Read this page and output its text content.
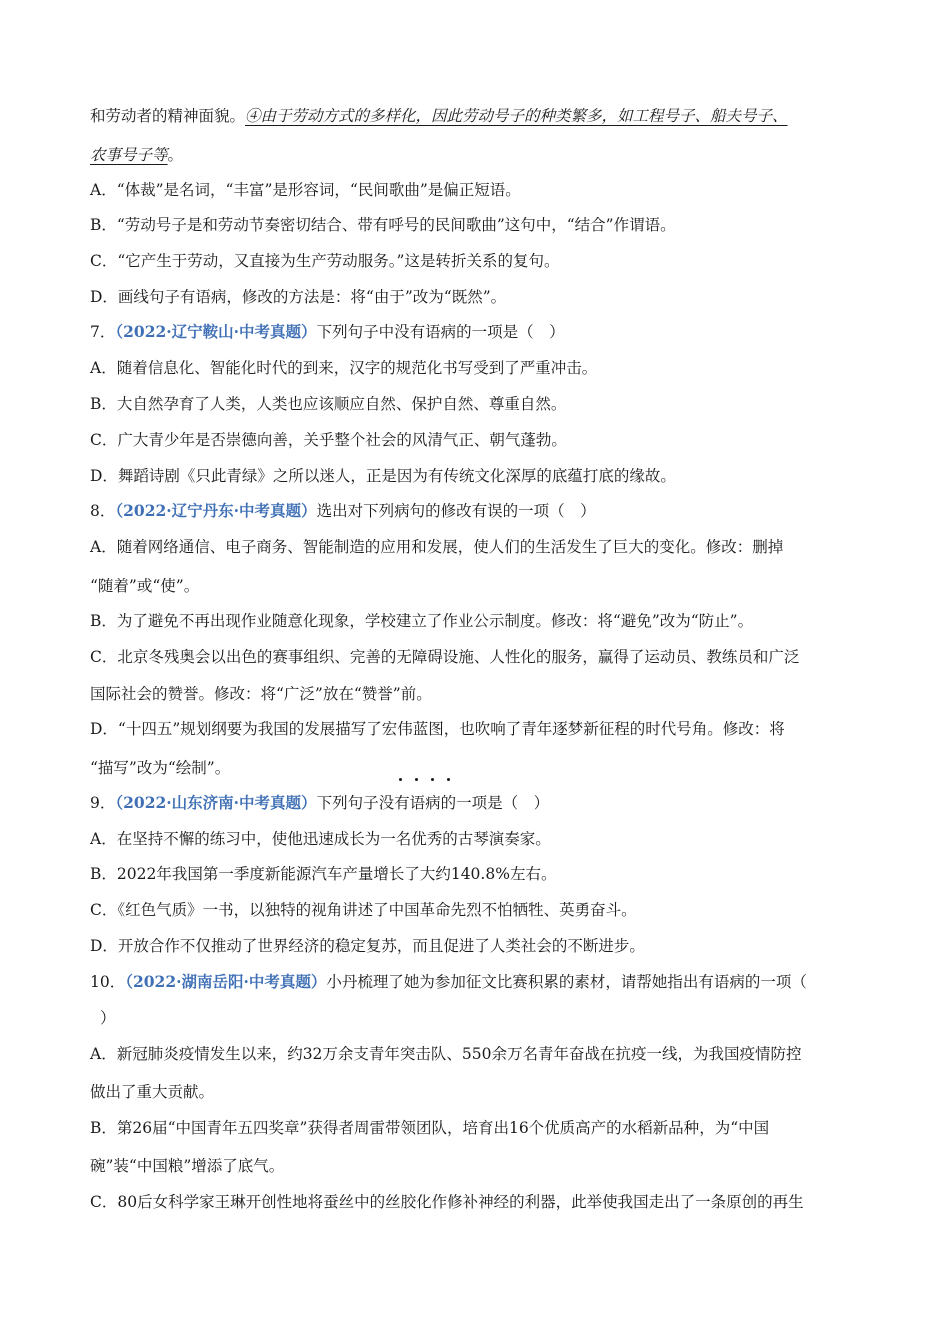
和劳动者的精神面貌。④由于劳动方式的多样化，因此劳动号子的种类繁多，如工程号子、船夫号子、
农事号子等。
A．“体裁”是名词，“丰富”是形容词，“民间歌曲”是偏正短语。
B．“劳动号子是和劳动节奏密切结合、带有呼号的民间歌曲”这句中，“结合”作谓语。
C．“它产生于劳动，又直接为生产劳动服务。”这是转折关系的复句。
D．画线句子有语病，修改的方法是：将“由于”改为“既然”。
7．（2022·辽宁鞍山·中考真题）下列句子中没有语病的一项是（　）
A．随着信息化、智能化时代的到来，汉字的规范化书写受到了严重冲击。
B．大自然孕育了人类，人类也应该顺应自然、保护自然、尊重自然。
C．广大青少年是否崇德向善，关乎整个社会的风清气正、朝气蓬勃。
D．舞蹈诗剧《只此青绿》之所以迷人，正是因为有传统文化深厚的底蕴打底的缘故。
8．（2022·辽宁丹东·中考真题）选出对下列病句的修改有误的一项（　）
A．随着网络通信、电子商务、智能制造的应用和发展，使人们的生活发生了巨大的变化。修改：删掉
“随着”或“使”。
B．为了避免不再出现作业随意化现象，学校建立了作业公示制度。修改：将“避免”改为“防止”。
C．北京冬残奥会以出色的赛事组织、完善的无障碍设施、人性化的服务，赢得了运动员、教练员和广泛
国际社会的赞誉。修改：将“广泛”放在“赞誉”前。
D．“十四五”规划纲要为我国的发展描写了宏伟蓝图，也吹响了青年逐梦新征程的时代号角。修改：将
“描写”改为“绘制”。
9．（2022·山东济南·中考真题）下列句子没有语病的一项是（　）
A．在坚持不懈的练习中，使他迅速成长为一名优秀的古琴演奏家。
B．2022年我国第一季度新能源汽车产量增长了大约140.8%左右。
C．《红色气质》一书，以独特的视角讲述了中国革命先烈不怕牺牲、英勇奋斗。
D．开放合作不仅推动了世界经济的稳定复苏，而且促进了人类社会的不断进步。
10．（2022·湖南岳阳·中考真题）小丹梳理了她为参加征文比赛积累的素材，请帮她指出有语病的一项（
）
A．新冠肺炎疫情发生以来，约32万余支青年突击队、550余万名青年奋战在抗疫一线，为我国疫情防控
做出了重大贡献。
B．第26届“中国青年五四奖章”获得者周雷带领团队，培育出16个优质高产的水稻新品种，为“中国
碗”装“中国粮”增添了底气。
C．80后女科学家王琳开创性地将蚕丝中的丝胶化作修补神经的利器，此举使我国走出了一条原创的再生
